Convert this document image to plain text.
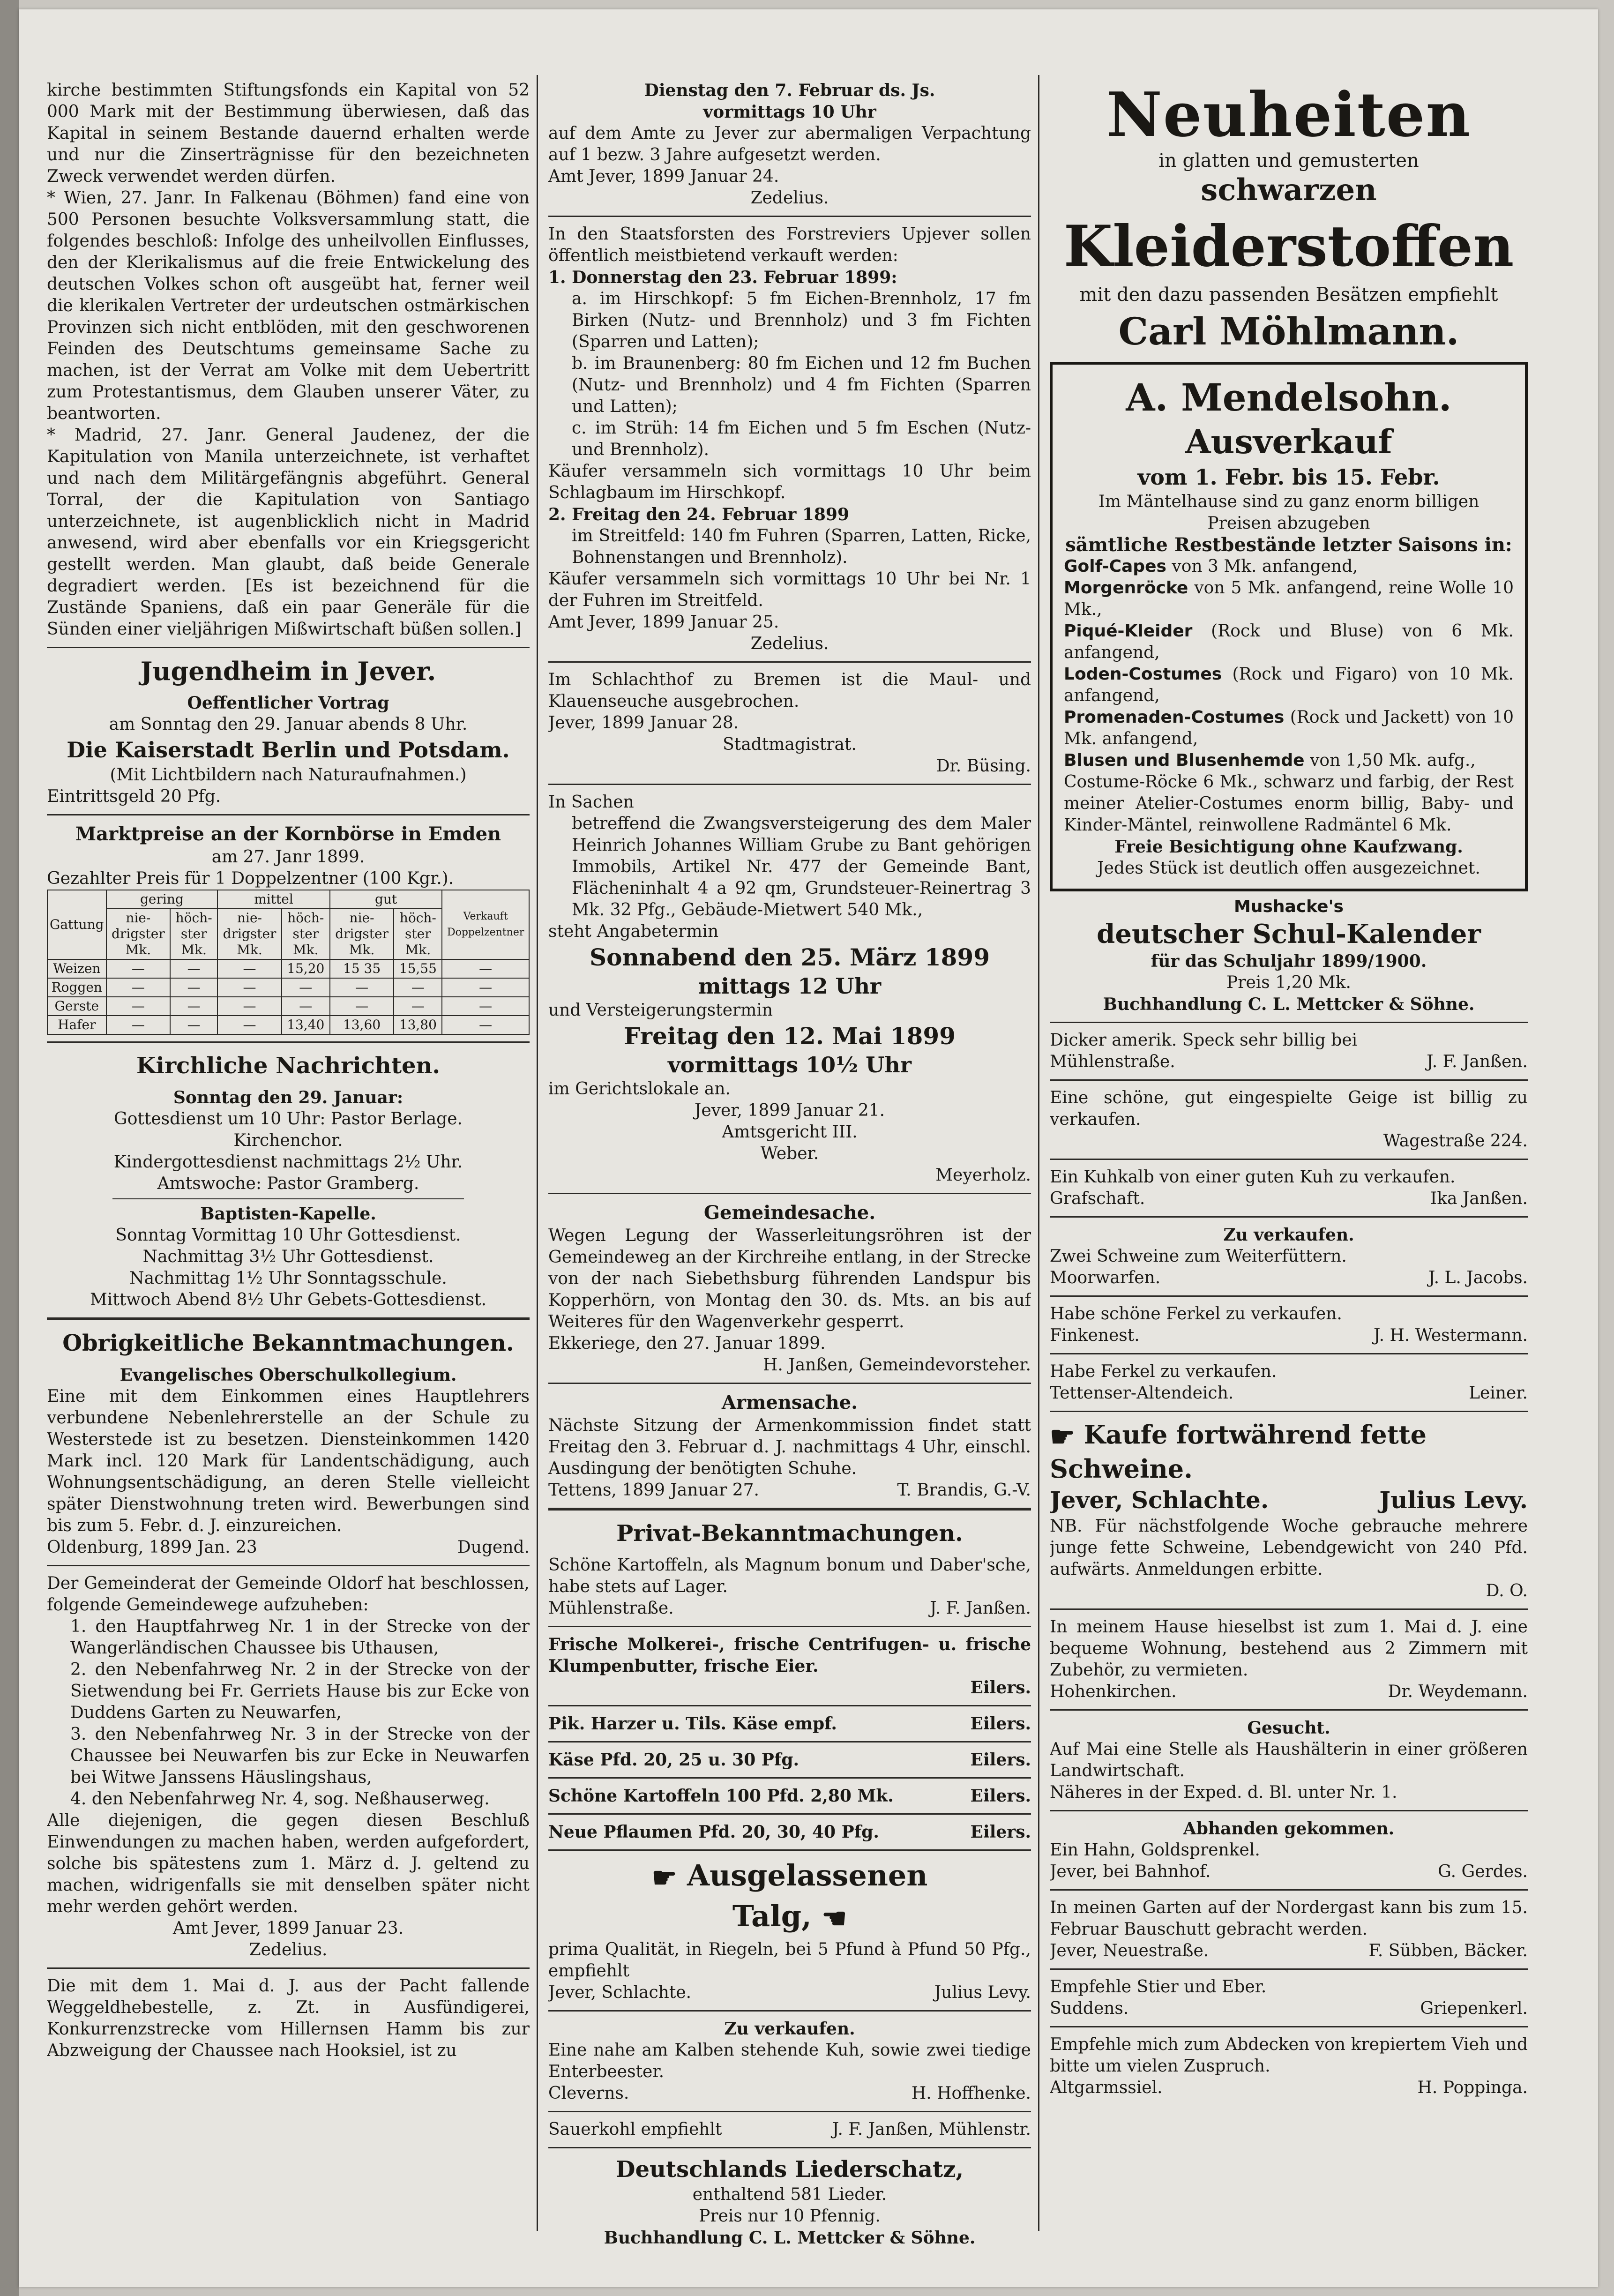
kirche bestimmten Stiftungsfonds ein Kapital von 52 000 Mark mit der Bestimmung überwiesen, daß das Kapital in seinem Bestande dauernd erhalten werde und nur die Zinserträgnisse für den bezeichneten Zweck verwendet werden dürfen.

* Wien, 27. Janr. In Falkenau (Böhmen) fand eine von 500 Personen besuchte Volksversammlung statt, die folgendes beschloß: Infolge des unheilvollen Einflusses, den der Klerikalismus auf die freie Entwickelung des deutschen Volkes schon oft ausgeübt hat, ferner weil die klerikalen Vertreter der urdeutschen ostmärkischen Provinzen sich nicht entblöden, mit den geschworenen Feinden des Deutschtums gemeinsame Sache zu machen, ist der Verrat am Volke mit dem Uebertritt zum Protestantismus, dem Glauben unserer Väter, zu beantworten.

* Madrid, 27. Janr. General Jaudenez, der die Kapitulation von Manila unterzeichnete, ist verhaftet und nach dem Militärgefängnis abgeführt. General Torral, der die Kapitulation von Santiago unterzeichnete, ist augenblicklich nicht in Madrid anwesend, wird aber ebenfalls vor ein Kriegsgericht gestellt werden. Man glaubt, daß beide Generale degradiert werden. [Es ist bezeichnend für die Zustände Spaniens, daß ein paar Generäle für die Sünden einer vieljährigen Mißwirtschaft büßen sollen.]

Jugendheim in Jever.

Oeffentlicher Vortrag

am Sonntag den 29. Januar abends 8 Uhr.

Die Kaiserstadt Berlin und Potsdam.

(Mit Lichtbildern nach Naturaufnahmen.)

Eintrittsgeld 20 Pfg.

Marktpreise an der Kornbörse in Emden

am 27. Janr 1899.

Gezahlter Preis für 1 Doppelzentner (100 Kgr.).

Gattung	gering		mittel		gut		Verkauft Doppelzentner
	nie-drigster Mk.	höch-ster Mk.	nie-drigster Mk.	höch-ster Mk.	nie-drigster Mk.	höch-ster Mk.	
Weizen	—	—	—	15,20	15 35	15,55	—
Roggen	—	—	—	—	—	—	—
Gerste	—	—	—	—	—	—	—
Hafer	—	—	—	13,40	13,60	13,80	—
Kirchliche Nachrichten.

Sonntag den 29. Januar:

Gottesdienst um 10 Uhr: Pastor Berlage.

Kirchenchor.

Kindergottesdienst nachmittags 2½ Uhr.

Amtswoche: Pastor Gramberg.

Baptisten-Kapelle.

Sonntag Vormittag 10 Uhr Gottesdienst.

Nachmittag 3½ Uhr Gottesdienst.

Nachmittag 1½ Uhr Sonntagsschule.

Mittwoch Abend 8½ Uhr Gebets-Gottesdienst.

Obrigkeitliche Bekanntmachungen.

Evangelisches Oberschulkollegium.

Eine mit dem Einkommen eines Hauptlehrers verbundene Nebenlehrerstelle an der Schule zu Westerstede ist zu besetzen. Diensteinkommen 1420 Mark incl. 120 Mark für Landentschädigung, auch Wohnungsentschädigung, an deren Stelle vielleicht später Dienstwohnung treten wird. Bewerbungen sind bis zum 5. Febr. d. J. einzureichen.

Oldenburg, 1899 Jan. 23	Dugend.

Der Gemeinderat der Gemeinde Oldorf hat beschlossen, folgende Gemeindewege aufzuheben:

1. den Hauptfahrweg Nr. 1 in der Strecke von der Wangerländischen Chaussee bis Uthausen,

2. den Nebenfahrweg Nr. 2 in der Strecke von der Sietwendung bei Fr. Gerriets Hause bis zur Ecke von Duddens Garten zu Neuwarfen,

3. den Nebenfahrweg Nr. 3 in der Strecke von der Chaussee bei Neuwarfen bis zur Ecke in Neuwarfen bei Witwe Janssens Häuslingshaus,

4. den Nebenfahrweg Nr. 4, sog. Neßhauserweg.

Alle diejenigen, die gegen diesen Beschluß Einwendungen zu machen haben, werden aufgefordert, solche bis spätestens zum 1. März d. J. geltend zu machen, widrigenfalls sie mit denselben später nicht mehr werden gehört werden.

Amt Jever, 1899 Januar 23.

Zedelius.

Die mit dem 1. Mai d. J. aus der Pacht fallende Weggeldhebestelle, z. Zt. in Ausfündigerei, Konkurrenzstrecke vom Hillernsen Hamm bis zur Abzweigung der Chaussee nach Hooksiel, ist zu

Dienstag den 7. Februar ds. Js.

vormittags 10 Uhr

auf dem Amte zu Jever zur abermaligen Verpachtung auf 1 bezw. 3 Jahre aufgesetzt werden.

Amt Jever, 1899 Januar 24.

Zedelius.

In den Staatsforsten des Forstreviers Upjever sollen öffentlich meistbietend verkauft werden:

1. Donnerstag den 23. Februar 1899:

a. im Hirschkopf: 5 fm Eichen-Brennholz, 17 fm Birken (Nutz- und Brennholz) und 3 fm Fichten (Sparren und Latten);

b. im Braunenberg: 80 fm Eichen und 12 fm Buchen (Nutz- und Brennholz) und 4 fm Fichten (Sparren und Latten);

c. im Strüh: 14 fm Eichen und 5 fm Eschen (Nutz- und Brennholz).

Käufer versammeln sich vormittags 10 Uhr beim Schlagbaum im Hirschkopf.

2. Freitag den 24. Februar 1899

im Streitfeld: 140 fm Fuhren (Sparren, Latten, Ricke, Bohnenstangen und Brennholz).

Käufer versammeln sich vormittags 10 Uhr bei Nr. 1 der Fuhren im Streitfeld.

Amt Jever, 1899 Januar 25.

Zedelius.

Im Schlachthof zu Bremen ist die Maul- und Klauenseuche ausgebrochen.

Jever, 1899 Januar 28.

Stadtmagistrat.

Dr. Büsing.

In Sachen

betreffend die Zwangsversteigerung des dem Maler Heinrich Johannes William Grube zu Bant gehörigen Immobils, Artikel Nr. 477 der Gemeinde Bant, Flächeninhalt 4 a 92 qm, Grundsteuer-Reinertrag 3 Mk. 32 Pfg., Gebäude-Mietwert 540 Mk.,

steht Angabetermin

Sonnabend den 25. März 1899
mittags 12 Uhr

und Versteigerungstermin

Freitag den 12. Mai 1899
vormittags 10½ Uhr

im Gerichtslokale an.

Jever, 1899 Januar 21.

Amtsgericht III.

Weber.

Meyerholz.

Gemeindesache.

Wegen Legung der Wasserleitungsröhren ist der Gemeindeweg an der Kirchreihe entlang, in der Strecke von der nach Siebethsburg führenden Landspur bis Kopperhörn, von Montag den 30. ds. Mts. an bis auf Weiteres für den Wagenverkehr gesperrt.

Ekkeriege, den 27. Januar 1899.

H. Janßen, Gemeindevorsteher.

Armensache.

Nächste Sitzung der Armenkommission findet statt Freitag den 3. Februar d. J. nachmittags 4 Uhr, einschl. Ausdingung der benötigten Schuhe.

Tettens, 1899 Januar 27.	T. Brandis, G.-V.
Privat-Bekanntmachungen.

Schöne Kartoffeln, als Magnum bonum und Daber'sche, habe stets auf Lager.

Mühlenstraße.	J. F. Janßen.

Frische Molkerei-, frische Centrifugen- u. frische Klumpenbutter, frische Eier.

Eilers.

Pik. Harzer u. Tils. Käse empf.	Eilers.
Käse Pfd. 20, 25 u. 30 Pfg.	Eilers.
Schöne Kartoffeln 100 Pfd. 2,80 Mk.	Eilers.
Neue Pflaumen Pfd. 20, 30, 40 Pfg.	Eilers.
☛ Ausgelassenen
Talg, ☚

prima Qualität, in Riegeln, bei 5 Pfund à Pfund 50 Pfg., empfiehlt

Jever, Schlachte.	Julius Levy.

Zu verkaufen.

Eine nahe am Kalben stehende Kuh, sowie zwei tiedige Enterbeester.

Cleverns.	H. Hoffhenke.
Sauerkohl empfiehlt	J. F. Janßen, Mühlenstr.
Deutschlands Liederschatz,

enthaltend 581 Lieder.

Preis nur 10 Pfennig.

Buchhandlung C. L. Mettcker & Söhne.

Neuheiten

in glatten und gemusterten

schwarzen
Kleiderstoffen

mit den dazu passenden Besätzen empfiehlt

Carl Möhlmann.
A. Mendelsohn.
Ausverkauf
vom 1. Febr. bis 15. Febr.

Im Mäntelhause sind zu ganz enorm billigen Preisen abzugeben

sämtliche Restbestände letzter Saisons in:

Golf-Capes von 3 Mk. anfangend,

Morgenröcke von 5 Mk. anfangend, reine Wolle 10 Mk.,

Piqué-Kleider (Rock und Bluse) von 6 Mk. anfangend,

Loden-Costumes (Rock und Figaro) von 10 Mk. anfangend,

Promenaden-Costumes (Rock und Jackett) von 10 Mk. anfangend,

Blusen und Blusenhemde von 1,50 Mk. aufg.,

Costume-Röcke 6 Mk., schwarz und farbig, der Rest meiner Atelier-Costumes enorm billig, Baby- und Kinder-Mäntel, reinwollene Radmäntel 6 Mk.

Freie Besichtigung ohne Kaufzwang.

Jedes Stück ist deutlich offen ausgezeichnet.

Mushacke's

deutscher Schul-Kalender

für das Schuljahr 1899/1900.

Preis 1,20 Mk.

Buchhandlung C. L. Mettcker & Söhne.

Dicker amerik. Speck sehr billig bei

Mühlenstraße.	J. F. Janßen.

Eine schöne, gut eingespielte Geige ist billig zu verkaufen.

Wagestraße 224.

Ein Kuhkalb von einer guten Kuh zu verkaufen.

Grafschaft.	Ika Janßen.

Zu verkaufen.

Zwei Schweine zum Weiterfüttern.

Moorwarfen.	J. L. Jacobs.

Habe schöne Ferkel zu verkaufen.

Finkenest.	J. H. Westermann.

Habe Ferkel zu verkaufen.

Tettenser-Altendeich.	Leiner.
☛ Kaufe fortwährend fette
Schweine.
Jever, Schlachte.	Julius Levy.

NB. Für nächstfolgende Woche gebrauche mehrere junge fette Schweine, Lebendgewicht von 240 Pfd. aufwärts. Anmeldungen erbitte.

D. O.

In meinem Hause hieselbst ist zum 1. Mai d. J. eine bequeme Wohnung, bestehend aus 2 Zimmern mit Zubehör, zu vermieten.

Hohenkirchen.	Dr. Weydemann.

Gesucht.

Auf Mai eine Stelle als Haushälterin in einer größeren Landwirtschaft.

Näheres in der Exped. d. Bl. unter Nr. 1.

Abhanden gekommen.

Ein Hahn, Goldsprenkel.

Jever, bei Bahnhof.	G. Gerdes.

In meinen Garten auf der Nordergast kann bis zum 15. Februar Bauschutt gebracht werden.

Jever, Neuestraße.	F. Sübben, Bäcker.

Empfehle Stier und Eber.

Suddens.	Griepenkerl.

Empfehle mich zum Abdecken von krepiertem Vieh und bitte um vielen Zuspruch.

Altgarmssiel.	H. Poppinga.
